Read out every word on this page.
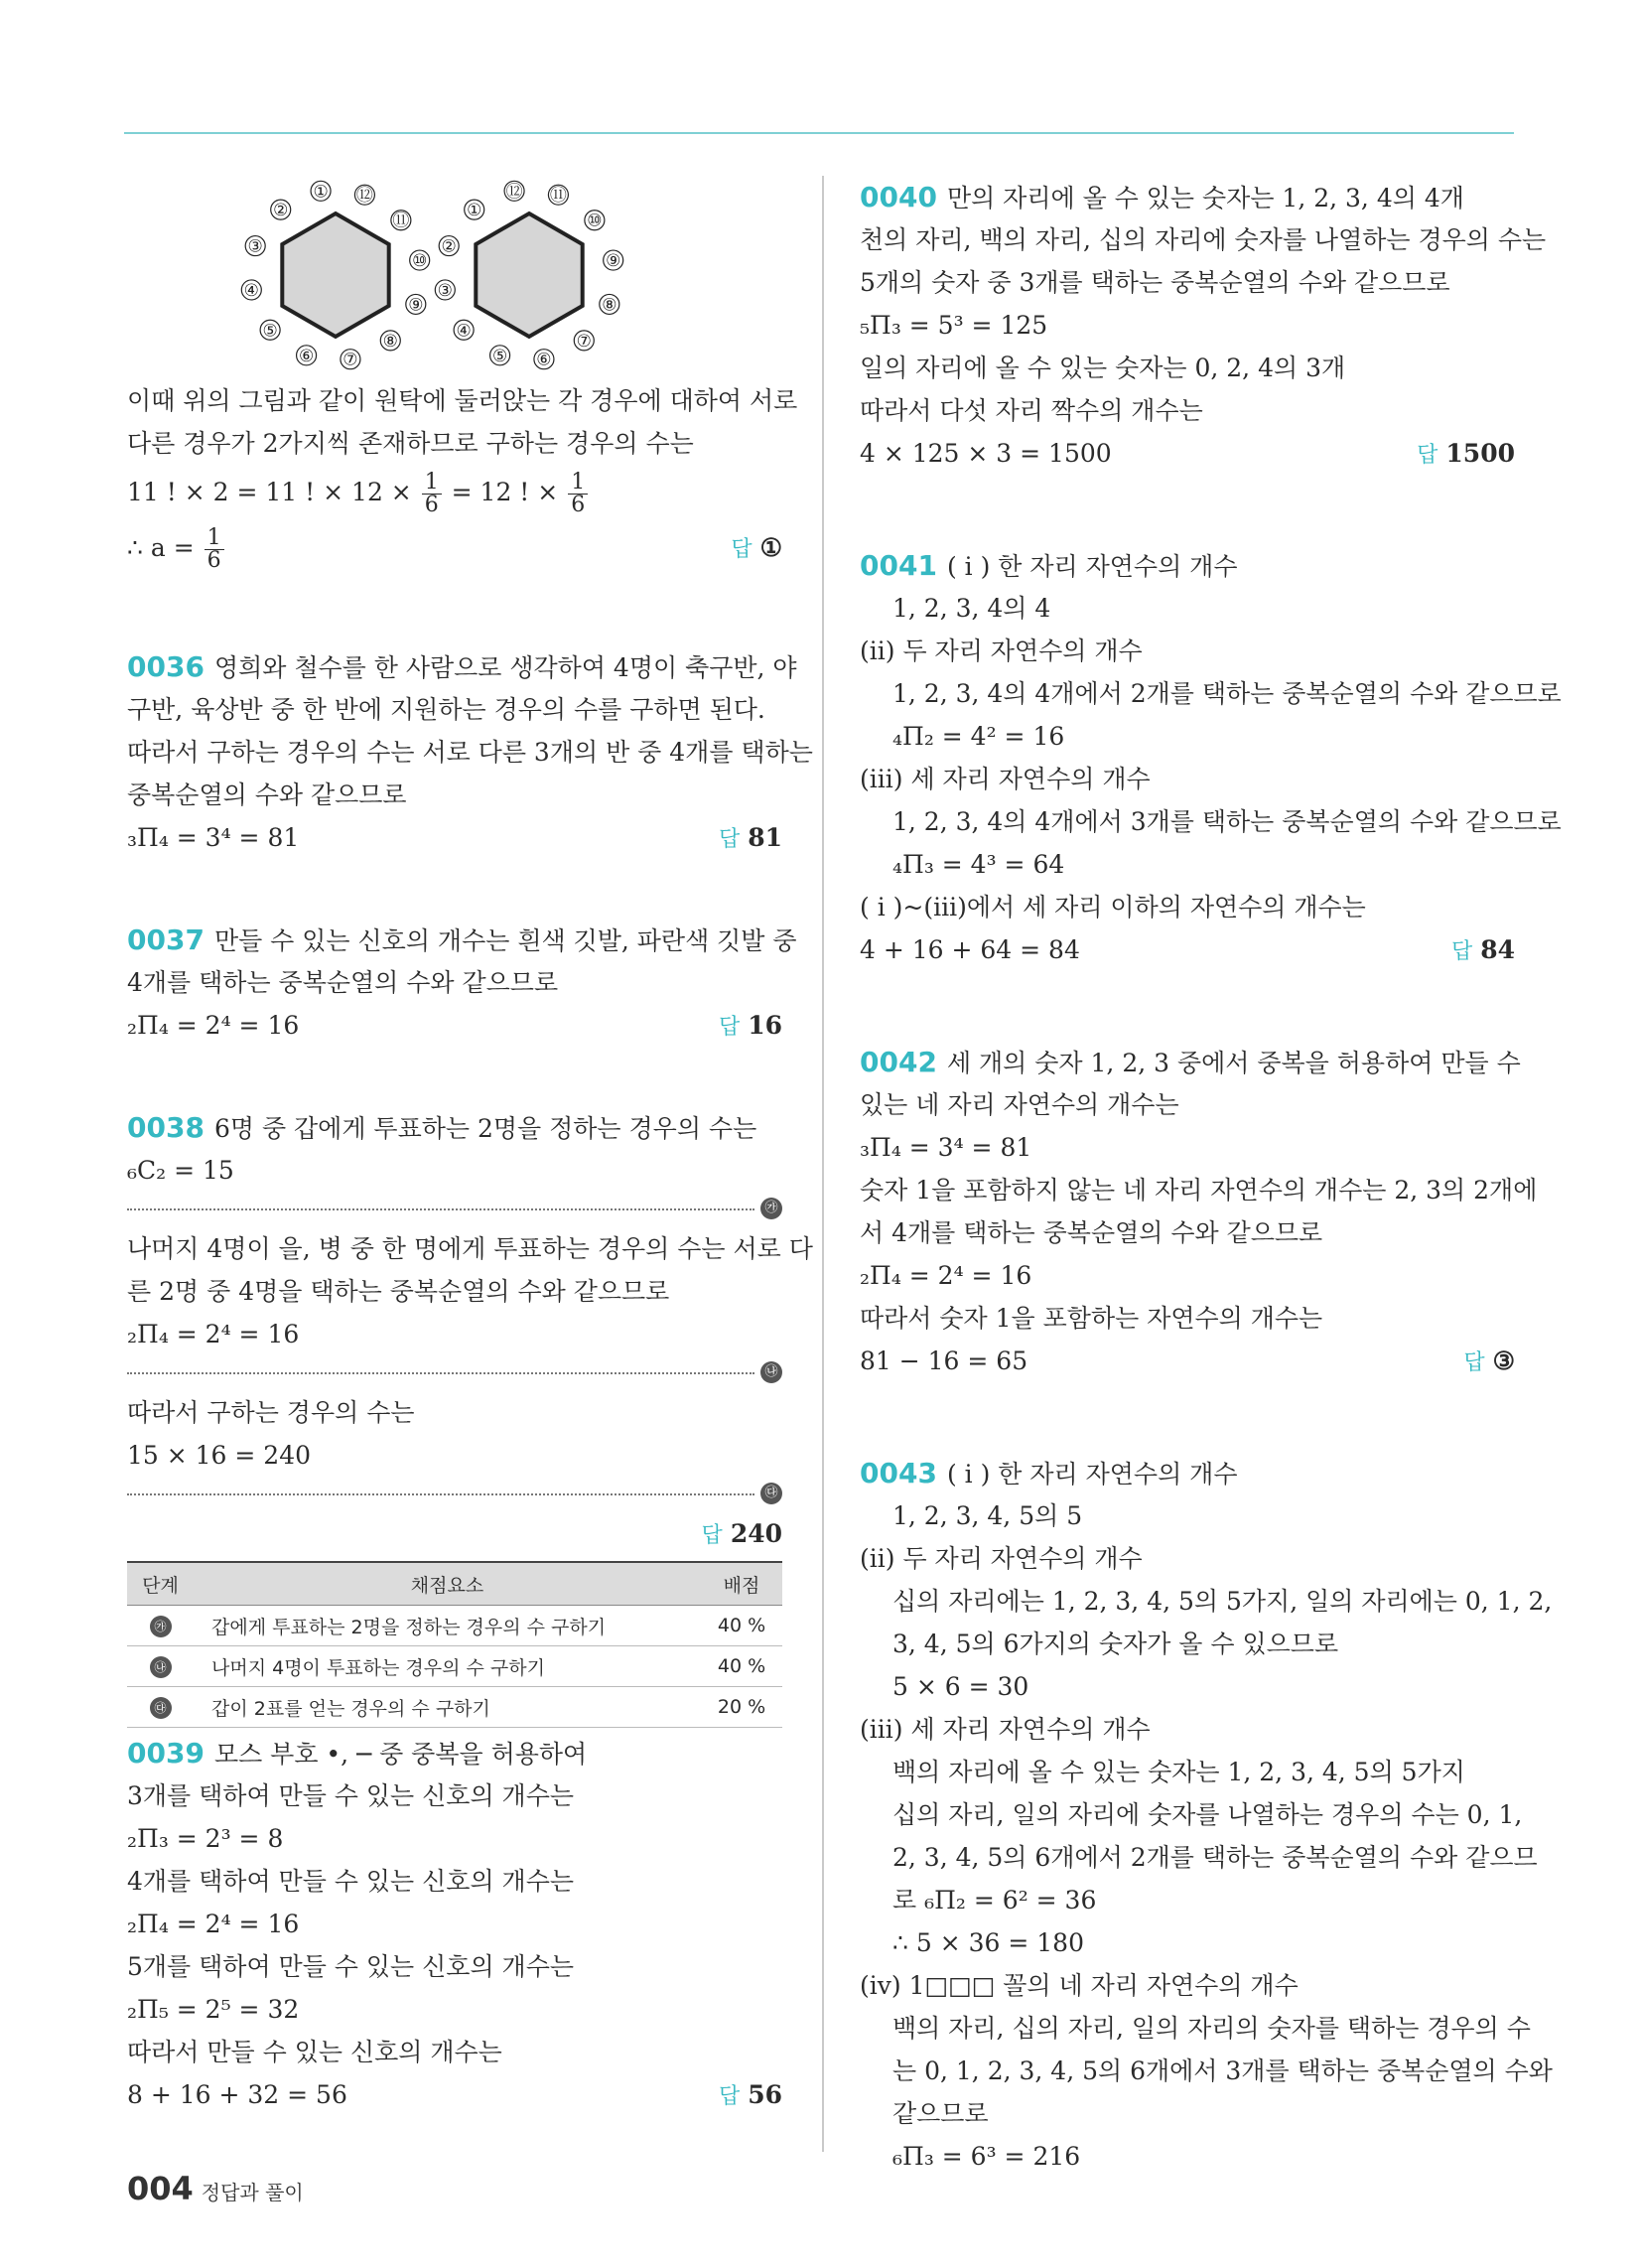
① ⑫
⑪
⑩
⑨
⑧
⑦
⑥
⑤
④
③
②
⑫ ⑪
⑩
⑨
⑧
⑦
⑥
⑤
④
③
②
①
이때 위의 그림과 같이 원탁에 둘러앉는 각 경우에 대하여 서로
다른 경우가 2가지씩 존재하므로 구하는 경우의 수는
11 ! × 2 = 11 ! × $12 \times \frac{1}{6} = 12$ ! × $\frac{1}{6}$
∴ $a = \frac{1}{6}$	답 ①
0036 영희와 철수를 한 사람으로 생각하여 4명이 축구반, 야
구반, 육상반 중 한 반에 지원하는 경우의 수를 구하면 된다.
따라서 구하는 경우의 수는 서로 다른 3개의 반 중 4개를 택하는
중복순열의 수와 같으므로
₃Π₄ = 3⁴ = 81	답 81
0037 만들 수 있는 신호의 개수는 흰색 깃발, 파란색 깃발 중
4개를 택하는 중복순열의 수와 같으므로
₂Π₄ = 2⁴ = 16	답 16
0038 6명 중 갑에게 투표하는 2명을 정하는 경우의 수는
₆C₂ = 15
㉮
나머지 4명이 을, 병 중 한 명에게 투표하는 경우의 수는 서로 다
른 2명 중 4명을 택하는 중복순열의 수와 같으므로
₂Π₄ = 2⁴ = 16
㉯
따라서 구하는 경우의 수는
15 × 16 = 240
㉰
답 240
단계	채점요소	배점
㉮	갑에게 투표하는 2명을 정하는 경우의 수 구하기	40 %
㉯	나머지 4명이 투표하는 경우의 수 구하기	40 %
㉰	갑이 2표를 얻는 경우의 수 구하기	20 %
0039 모스 부호 •, ─ 중 중복을 허용하여
3개를 택하여 만들 수 있는 신호의 개수는
₂Π₃ = 2³ = 8
4개를 택하여 만들 수 있는 신호의 개수는
₂Π₄ = 2⁴ = 16
5개를 택하여 만들 수 있는 신호의 개수는
₂Π₅ = 2⁵ = 32
따라서 만들 수 있는 신호의 개수는
8 + 16 + 32 = 56	답 56
0040 만의 자리에 올 수 있는 숫자는 1, 2, 3, 4의 4개
천의 자리, 백의 자리, 십의 자리에 숫자를 나열하는 경우의 수는
5개의 숫자 중 3개를 택하는 중복순열의 수와 같으므로
₅Π₃ = 5³ = 125
일의 자리에 올 수 있는 숫자는 0, 2, 4의 3개
따라서 다섯 자리 짝수의 개수는
4 × 125 × 3 = 1500	답 1500
0041 ( i ) 한 자리 자연수의 개수
1, 2, 3, 4의 4
(ii) 두 자리 자연수의 개수
1, 2, 3, 4의 4개에서 2개를 택하는 중복순열의 수와 같으므로
₄Π₂ = 4² = 16
(iii) 세 자리 자연수의 개수
1, 2, 3, 4의 4개에서 3개를 택하는 중복순열의 수와 같으므로
₄Π₃ = 4³ = 64
( i )~(iii)에서 세 자리 이하의 자연수의 개수는
4 + 16 + 64 = 84	답 84
0042 세 개의 숫자 1, 2, 3 중에서 중복을 허용하여 만들 수
있는 네 자리 자연수의 개수는
₃Π₄ = 3⁴ = 81
숫자 1을 포함하지 않는 네 자리 자연수의 개수는 2, 3의 2개에
서 4개를 택하는 중복순열의 수와 같으므로
₂Π₄ = 2⁴ = 16
따라서 숫자 1을 포함하는 자연수의 개수는
81 − 16 = 65	답 ③
0043 ( i ) 한 자리 자연수의 개수
1, 2, 3, 4, 5의 5
(ii) 두 자리 자연수의 개수
십의 자리에는 1, 2, 3, 4, 5의 5가지, 일의 자리에는 0, 1, 2,
3, 4, 5의 6가지의 숫자가 올 수 있으므로
5 × 6 = 30
(iii) 세 자리 자연수의 개수
백의 자리에 올 수 있는 숫자는 1, 2, 3, 4, 5의 5가지
십의 자리, 일의 자리에 숫자를 나열하는 경우의 수는 0, 1,
2, 3, 4, 5의 6개에서 2개를 택하는 중복순열의 수와 같으므
로 ₆Π₂ = 6² = 36
∴ 5 × 36 = 180
(iv) 1□□□ 꼴의 네 자리 자연수의 개수
백의 자리, 십의 자리, 일의 자리의 숫자를 택하는 경우의 수
는 0, 1, 2, 3, 4, 5의 6개에서 3개를 택하는 중복순열의 수와
같으므로
₆Π₃ = 6³ = 216
004 정답과 풀이
